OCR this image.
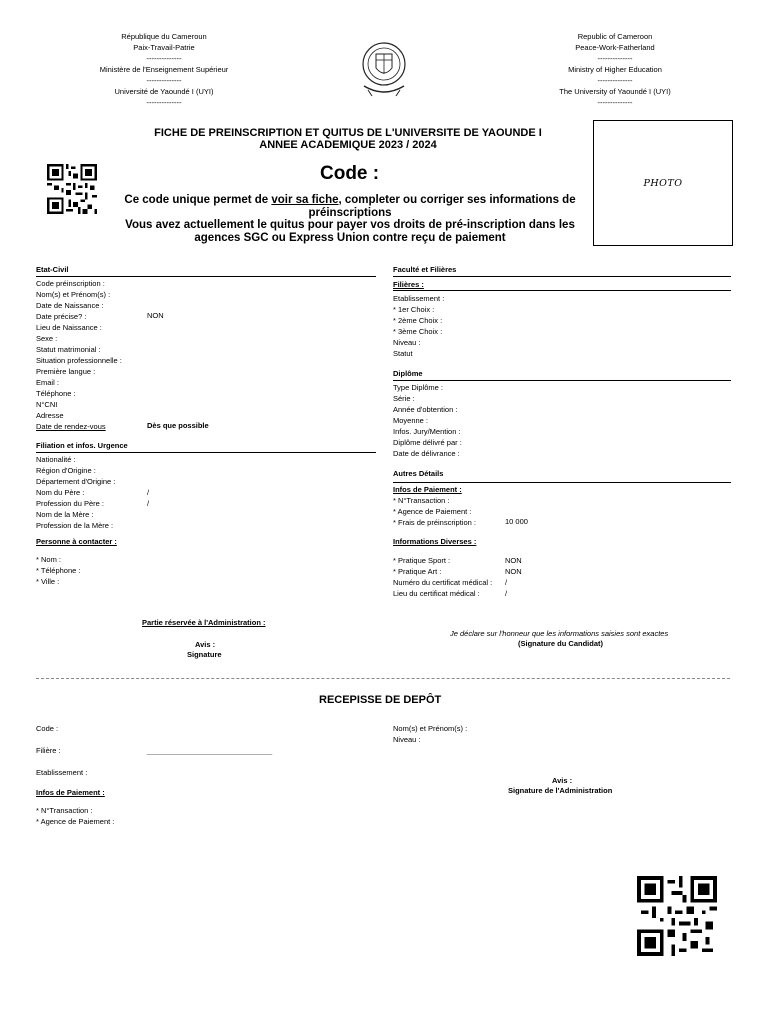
République du Cameroun
Paix-Travail-Patrie
--------------
Ministère de l'Enseignement Supérieur
--------------
Université de Yaoundé I (UYI)
--------------
Republic of Cameroon
Peace-Work-Fatherland
--------------
Ministry of Higher Education
--------------
The University of Yaoundé I (UYI)
--------------
FICHE DE PREINSCRIPTION ET QUITUS DE L'UNIVERSITE DE YAOUNDE I
ANNEE ACADEMIQUE 2023 / 2024
Code :
Ce code unique permet de voir sa fiche, completer ou corriger ses informations de préinscriptions
Vous avez actuellement le quitus pour payer vos droits de pré-inscription dans les agences SGC ou Express Union contre reçu de paiement
PHOTO
Etat-Civil
Code préinscription :
Nom(s) et Prénom(s) :
Date de Naissance :
Date précise? :
Lieu de Naissance :
Sexe :
Statut matrimonial :
Situation professionnelle :
Première langue :
Email :
Téléphone :
N°CNI
Adresse
Date de rendez-vous
NON
Dès que possible
Filiation et infos. Urgence
Nationalité :
Région d'Origine :
Département d'Origine :
Nom du Père :
Profession du Père :
Nom de la Mère :
Profession de la Mère :
/
/
Personne à contacter :
* Nom :
* Téléphone :
* Ville :
Faculté et Filières
Filières :
Etablissement :
* 1er Choix :
* 2ème Choix :
* 3ème Choix :
Niveau :
Statut
Diplôme
Type Diplôme :
Série :
Année d'obtention :
Moyenne :
Infos. Jury/Mention :
Diplôme délivré par :
Date de délivrance :
Autres Détails
Infos de Paiement :
* N°Transaction :
* Agence de Paiement :
* Frais de préinscription :	10 000
Informations Diverses :
* Pratique Sport :
* Pratique Art :
Numéro du certificat médical :
Lieu du certificat médical :
NON
NON
/
/
Partie réservée à l'Administration :
Avis :
Signature
Je déclare sur l'honneur que les informations saisies sont exactes
(Signature du Candidat)
RECEPISSE DE DEPÔT
Code :
Filière :	______________________________
Etablissement :
Infos de Paiement :
* N°Transaction :
* Agence de Paiement :
Nom(s) et Prénom(s) :
Niveau :
Avis :
Signature de l'Administration
